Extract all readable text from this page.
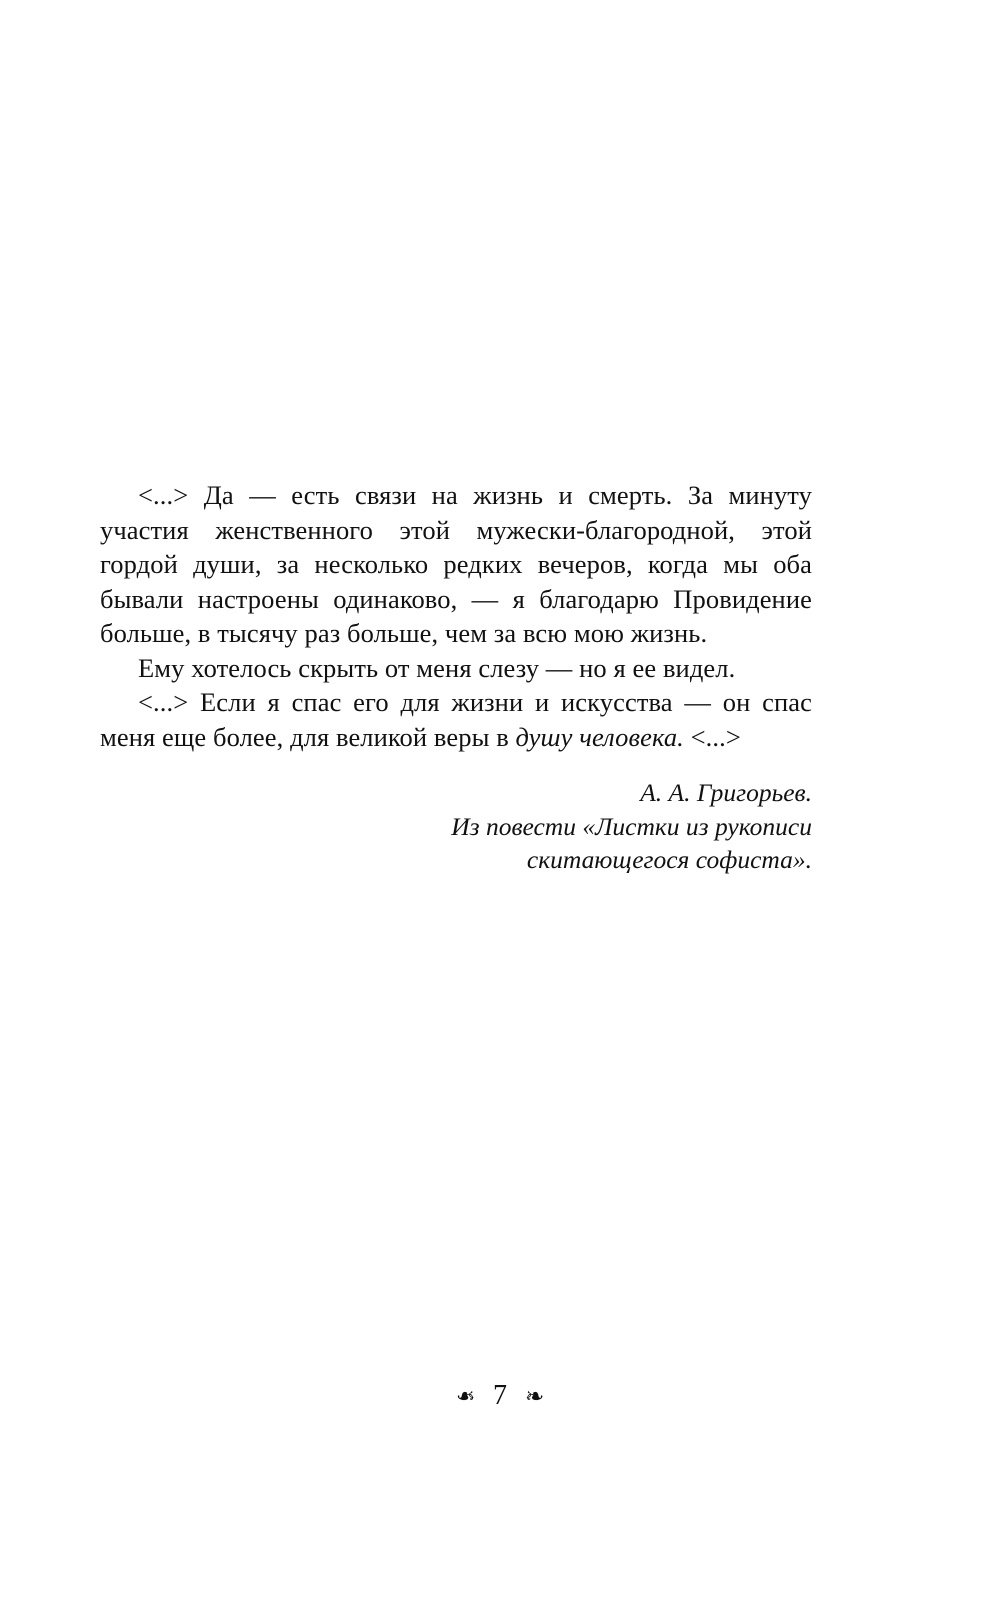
<...> Да — есть связи на жизнь и смерть. За минуту участия женственного этой мужески-благородной, этой гордой души, за несколько редких вечеров, когда мы оба бывали настроены одинаково, — я благодарю Провидение больше, в тысячу раз больше, чем за всю мою жизнь.

Ему хотелось скрыть от меня слезу — но я ее видел.

<...> Если я спас его для жизни и искусства — он спас меня еще более, для великой веры в душу человека. <...>

А. А. Григорьев.
Из повести «Листки из рукописи
скитающегося софиста».
❧ 7 ❧
